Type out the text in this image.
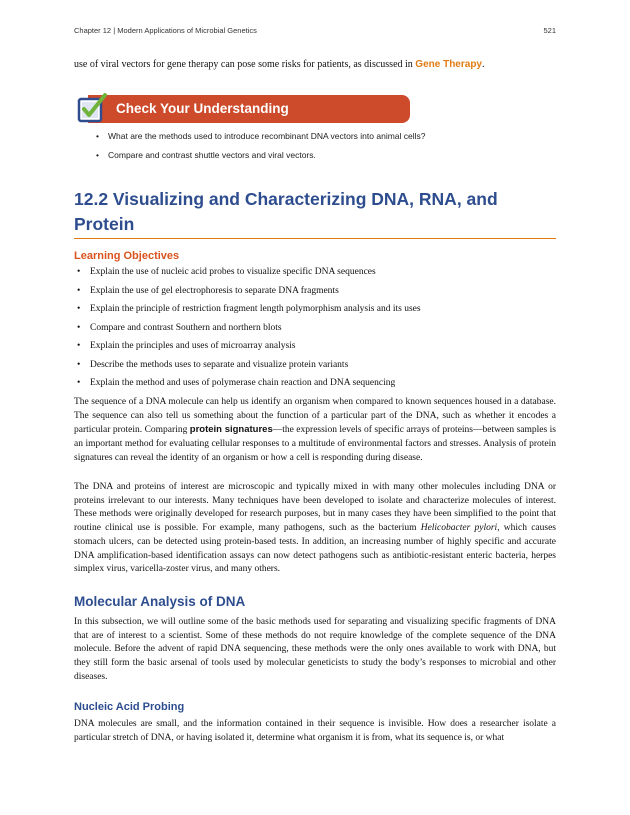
Chapter 12 | Modern Applications of Microbial Genetics	521
use of viral vectors for gene therapy can pose some risks for patients, as discussed in Gene Therapy.
Check Your Understanding
• What are the methods used to introduce recombinant DNA vectors into animal cells?
• Compare and contrast shuttle vectors and viral vectors.
12.2 Visualizing and Characterizing DNA, RNA, and
Protein
Learning Objectives
• Explain the use of nucleic acid probes to visualize specific DNA sequences
• Explain the use of gel electrophoresis to separate DNA fragments
• Explain the principle of restriction fragment length polymorphism analysis and its uses
• Compare and contrast Southern and northern blots
• Explain the principles and uses of microarray analysis
• Describe the methods uses to separate and visualize protein variants
• Explain the method and uses of polymerase chain reaction and DNA sequencing

The sequence of a DNA molecule can help us identify an organism when compared to known sequences housed in a database. The sequence can also tell us something about the function of a particular part of the DNA, such as whether it encodes a particular protein. Comparing protein signatures—the expression levels of specific arrays of proteins—between samples is an important method for evaluating cellular responses to a multitude of environmental factors and stresses. Analysis of protein signatures can reveal the identity of an organism or how a cell is responding during disease.

The DNA and proteins of interest are microscopic and typically mixed in with many other molecules including DNA or proteins irrelevant to our interests. Many techniques have been developed to isolate and characterize molecules of interest. These methods were originally developed for research purposes, but in many cases they have been simplified to the point that routine clinical use is possible. For example, many pathogens, such as the bacterium Helicobacter pylori, which causes stomach ulcers, can be detected using protein-based tests. In addition, an increasing number of highly specific and accurate DNA amplification-based identification assays can now detect pathogens such as antibiotic-resistant enteric bacteria, herpes simplex virus, varicella-zoster virus, and many others.

Molecular Analysis of DNA

In this subsection, we will outline some of the basic methods used for separating and visualizing specific fragments of DNA that are of interest to a scientist. Some of these methods do not require knowledge of the complete sequence of the DNA molecule. Before the advent of rapid DNA sequencing, these methods were the only ones available to work with DNA, but they still form the basic arsenal of tools used by molecular geneticists to study the body’s responses to microbial and other diseases.

Nucleic Acid Probing

DNA molecules are small, and the information contained in their sequence is invisible. How does a researcher isolate a particular stretch of DNA, or having isolated it, determine what organism it is from, what its sequence is, or what
